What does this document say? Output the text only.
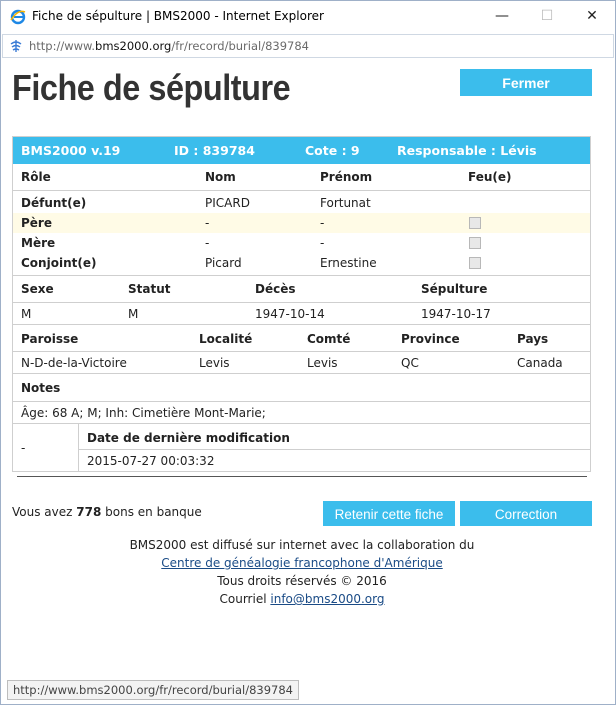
Fiche de sépulture | BMS2000 - Internet Explorer	—	☐	✕
http://www.bms2000.org/fr/record/burial/839784
Fiche de sépulture	Fermer
BMS2000 v.19	ID : 839784	Cote : 9	Responsable : Lévis
Rôle	Nom	Prénom	Feu(e)
Défunt(e)	PICARD	Fortunat
Père	-	-
Mère	-	-
Conjoint(e)	Picard	Ernestine
Sexe	Statut	Décès	Sépulture
M	M	1947-10-14	1947-10-17
Paroisse	Localité	Comté	Province	Pays
N-D-de-la-Victoire	Levis	Levis	QC	Canada
Notes
Âge: 68 A; M; Inh: Cimetière Mont-Marie;
-
Date de dernière modification
2015-07-27 00:03:32
Vous avez 778 bons en banque	Retenir cette fiche	Correction
BMS2000 est diffusé sur internet avec la collaboration du
Centre de généalogie francophone d'Amérique
Tous droits réservés © 2016
Courriel info@bms2000.org
http://www.bms2000.org/fr/record/burial/839784
